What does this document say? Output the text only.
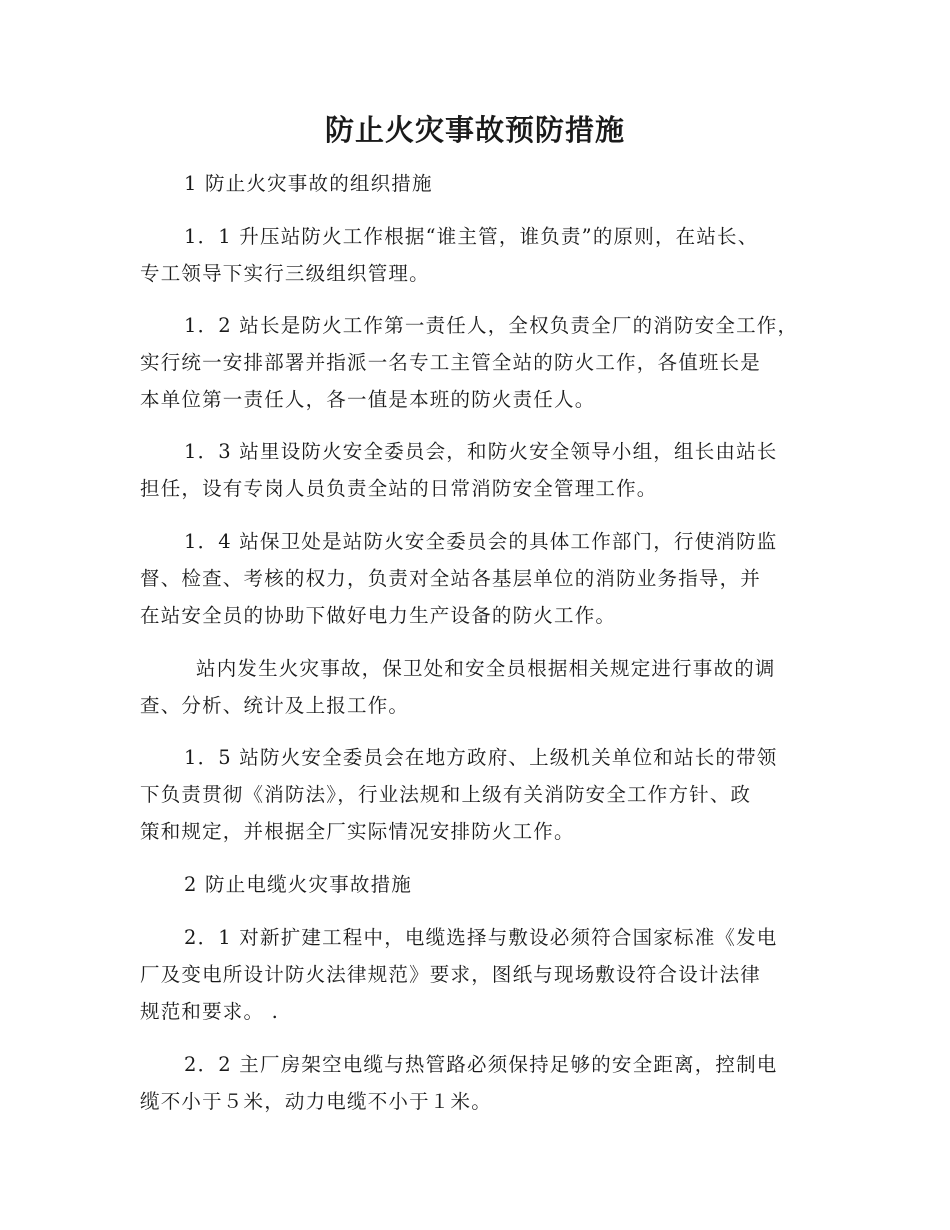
防止火灾事故预防措施

1 防止火灾事故的组织措施

1．1 升压站防火工作根据“谁主管，谁负责”的原则，在站长、
专工领导下实行三级组织管理。

1．2 站长是防火工作第一责任人，全权负责全厂的消防安全工作，
实行统一安排部署并指派一名专工主管全站的防火工作，各值班长是
本单位第一责任人，各一值是本班的防火责任人。

1．3 站里设防火安全委员会，和防火安全领导小组，组长由站长
担任，设有专岗人员负责全站的日常消防安全管理工作。

1．4 站保卫处是站防火安全委员会的具体工作部门，行使消防监
督、检查、考核的权力，负责对全站各基层单位的消防业务指导，并
在站安全员的协助下做好电力生产设备的防火工作。

站内发生火灾事故，保卫处和安全员根据相关规定进行事故的调
查、分析、统计及上报工作。

1．5 站防火安全委员会在地方政府、上级机关单位和站长的带领
下负责贯彻《消防法》，行业法规和上级有关消防安全工作方针、政
策和规定，并根据全厂实际情况安排防火工作。

2 防止电缆火灾事故措施

2．1 对新扩建工程中，电缆选择与敷设必须符合国家标准《发电
厂及变电所设计防火法律规范》要求，图纸与现场敷设符合设计法律
规范和要求。 .

2．2 主厂房架空电缆与热管路必须保持足够的安全距离，控制电
缆不小于５米，动力电缆不小于１米。
